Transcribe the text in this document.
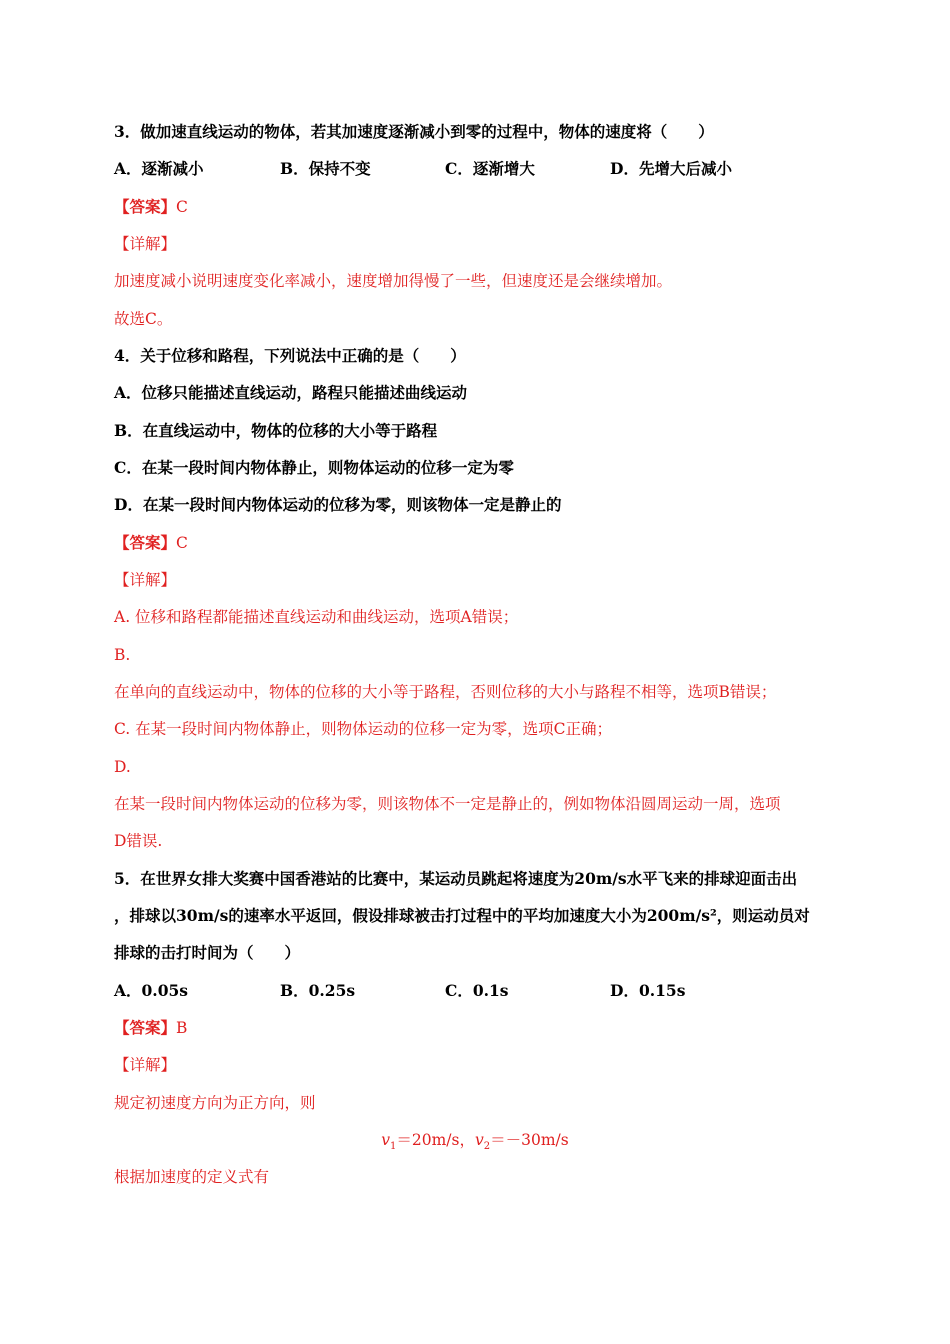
3．做加速直线运动的物体，若其加速度逐渐减小到零的过程中，物体的速度将（　　）
A．逐渐减小	B．保持不变	C．逐渐增大	D．先增大后减小
【答案】C
【详解】
加速度减小说明速度变化率减小，速度增加得慢了一些，但速度还是会继续增加。
故选C。
4．关于位移和路程，下列说法中正确的是（　　）
A．位移只能描述直线运动，路程只能描述曲线运动
B．在直线运动中，物体的位移的大小等于路程
C．在某一段时间内物体静止，则物体运动的位移一定为零
D．在某一段时间内物体运动的位移为零，则该物体一定是静止的
【答案】C
【详解】
A. 位移和路程都能描述直线运动和曲线运动，选项A错误；
B.
在单向的直线运动中，物体的位移的大小等于路程，否则位移的大小与路程不相等，选项B错误；
C. 在某一段时间内物体静止，则物体运动的位移一定为零，选项C正确；
D.
在某一段时间内物体运动的位移为零，则该物体不一定是静止的，例如物体沿圆周运动一周，选项
D错误.
5．在世界女排大奖赛中国香港站的比赛中，某运动员跳起将速度为20m/s水平飞来的排球迎面击出
，排球以30m/s的速率水平返回，假设排球被击打过程中的平均加速度大小为200m/s²，则运动员对
排球的击打时间为（　　）
A．0.05s	B．0.25s	C．0.1s	D．0.15s
【答案】B
【详解】
规定初速度方向为正方向，则
$v_1=20m/s$，$v_2=-30m/s$
根据加速度的定义式有
